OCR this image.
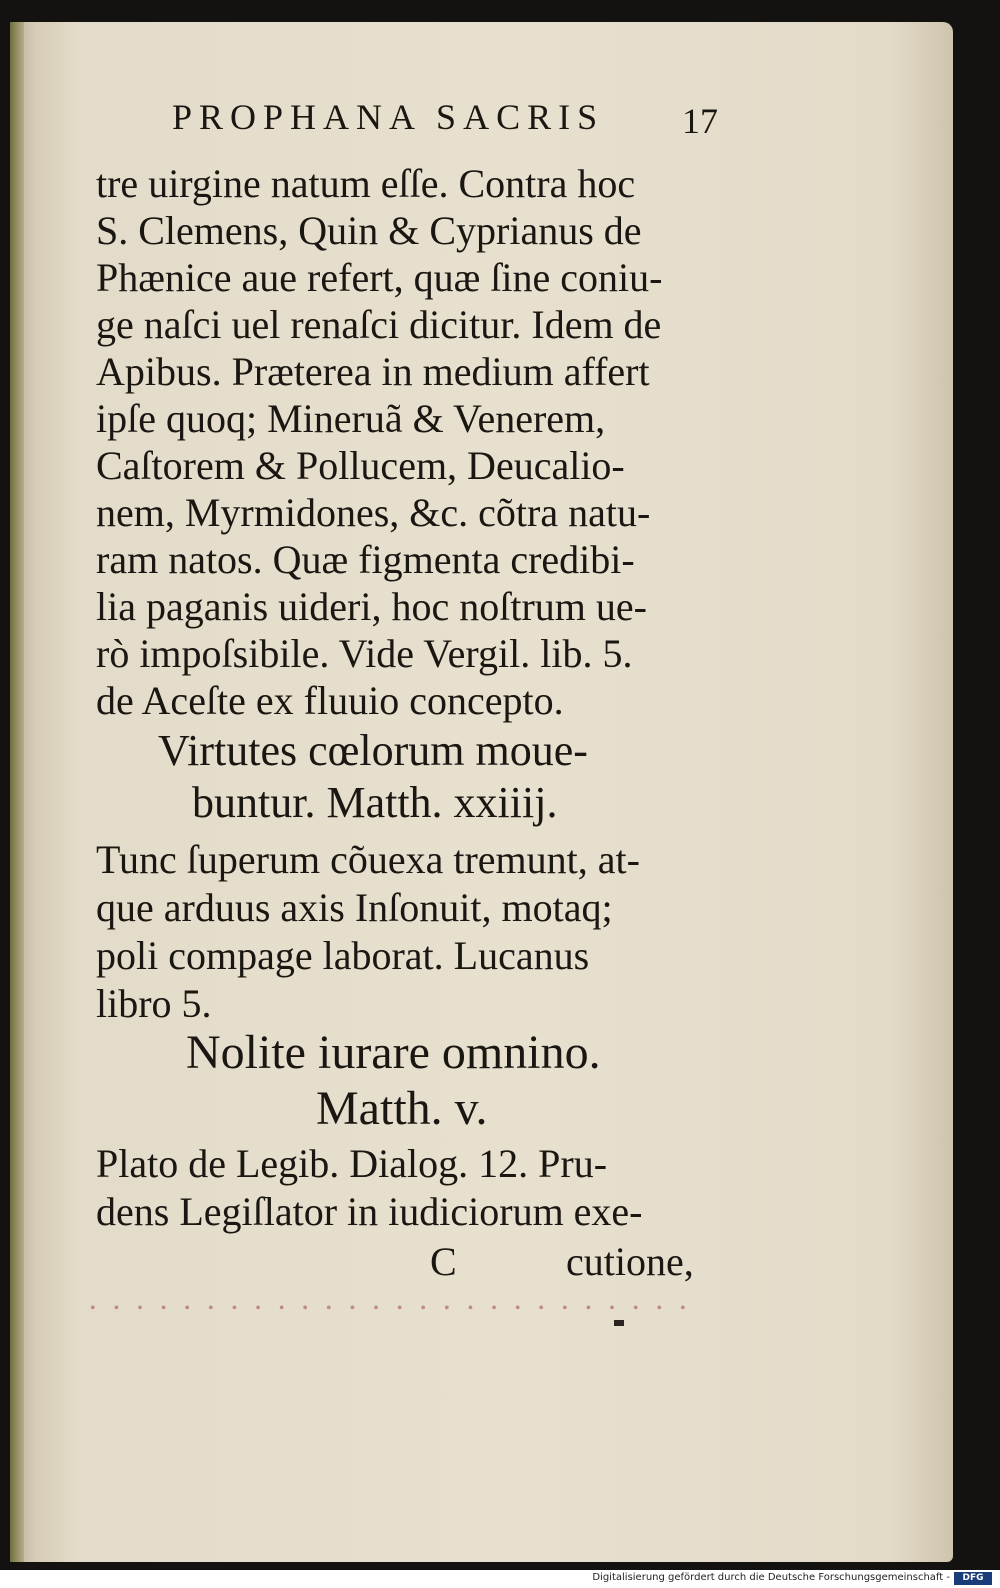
PROPHANA SACRIS 17
tre uirgine natum eſſe. Contra hoc
S. Clemens, Quin & Cyprianus de
Phænice aue refert, quæ ſine coniu-
ge naſci uel renaſci dicitur. Idem de
Apibus. Præterea in medium affert
ipſe quoq; Mineruã & Venerem,
Caſtorem & Pollucem, Deucalio-
nem, Myrmidones, &c. cõtra natu-
ram natos. Quæ figmenta credibi-
lia paganis uideri, hoc noſtrum ue-
rò impoſsibile. Vide Vergil. lib. 5.
de Aceſte ex fluuio concepto.
Virtutes cœlorum moue-
buntur. Matth. xxiiij.
Tunc ſuperum cõuexa tremunt, at-
que arduus axis Inſonuit, motaq;
poli compage laborat. Lucanus
libro 5.
Nolite iurare omnino.
Matth. v.
Plato de Legib. Dialog. 12. Pru-
dens Legiſlator in iudiciorum exe-
C	cutione,
••••••••••••••••••••••••••
Digitalisierung gefördert durch die Deutsche Forschungsgemeinschaft -	DFG
